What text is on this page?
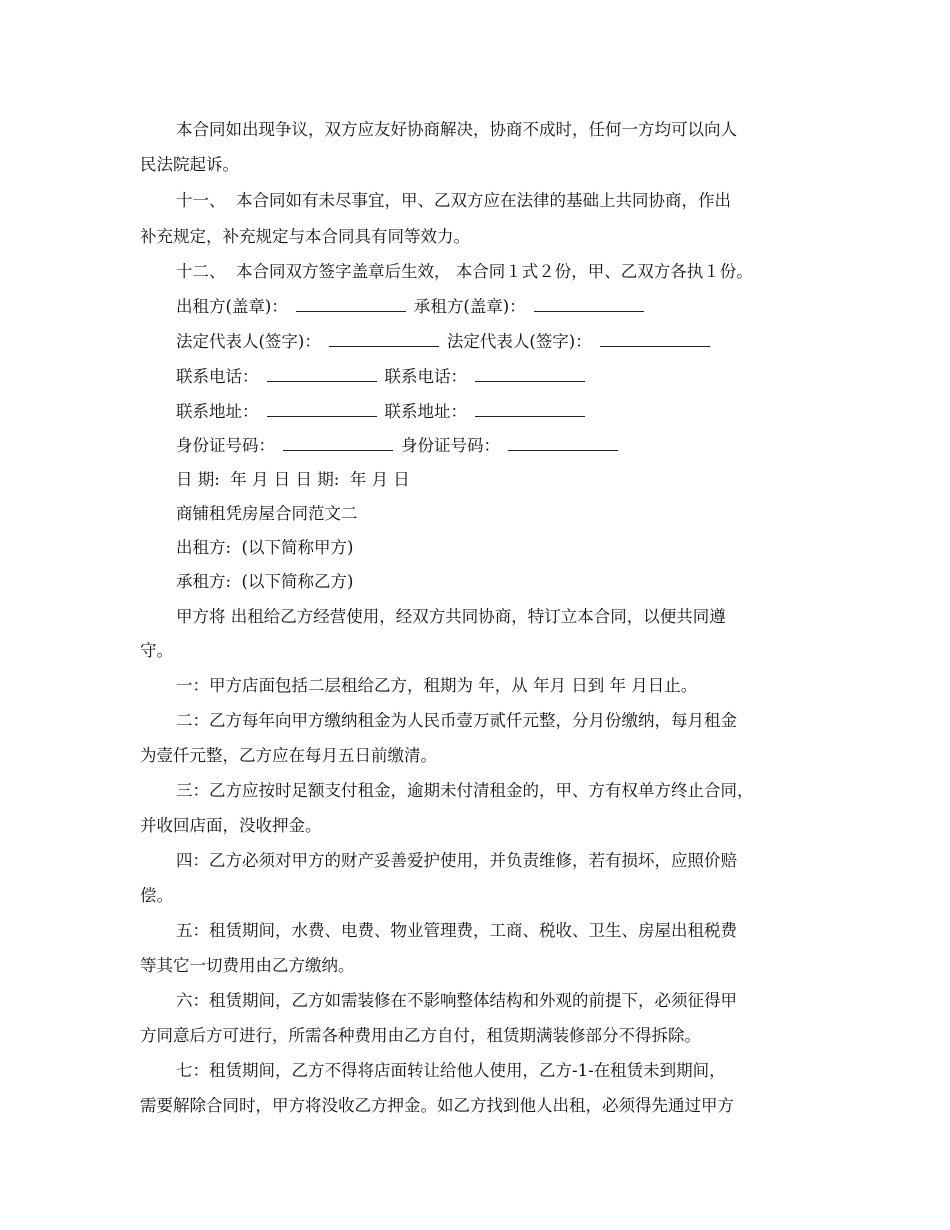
本合同如出现争议，双方应友好协商解决，协商不成时，任何一方均可以向人
民法院起诉。
十一、  本合同如有未尽事宜，甲、乙双方应在法律的基础上共同协商，作出
补充规定，补充规定与本合同具有同等效力。
十二、  本合同双方签字盖章后生效， 本合同１式２份，甲、乙双方各执１份。
出租方(盖章)：	承租方(盖章)：
法定代表人(签字)：	法定代表人(签字)：
联系电话：	联系电话：
联系地址：	联系地址：
身份证号码：	身份证号码：
日 期:  年 月 日 日 期:  年 月 日
商铺租凭房屋合同范文二
出租方:  (以下简称甲方)
承租方:  (以下简称乙方)
甲方将 出租给乙方经营使用，经双方共同协商，特订立本合同，以便共同遵
守。
一：甲方店面包括二层租给乙方，租期为 年，从 年月 日到 年 月日止。
二：乙方每年向甲方缴纳租金为人民币壹万贰仟元整，分月份缴纳，每月租金
为壹仟元整，乙方应在每月五日前缴清。
三：乙方应按时足额支付租金，逾期未付清租金的，甲、方有权单方终止合同，
并收回店面，没收押金。
四：乙方必须对甲方的财产妥善爱护使用，并负责维修，若有损坏，应照价赔
偿。
五：租赁期间，水费、电费、物业管理费，工商、税收、卫生、房屋出租税费
等其它一切费用由乙方缴纳。
六：租赁期间，乙方如需装修在不影响整体结构和外观的前提下，必须征得甲
方同意后方可进行，所需各种费用由乙方自付，租赁期满装修部分不得拆除。
七：租赁期间，乙方不得将店面转让给他人使用，乙方-1-在租赁未到期间，
需要解除合同时，甲方将没收乙方押金。如乙方找到他人出租，必须得先通过甲方
